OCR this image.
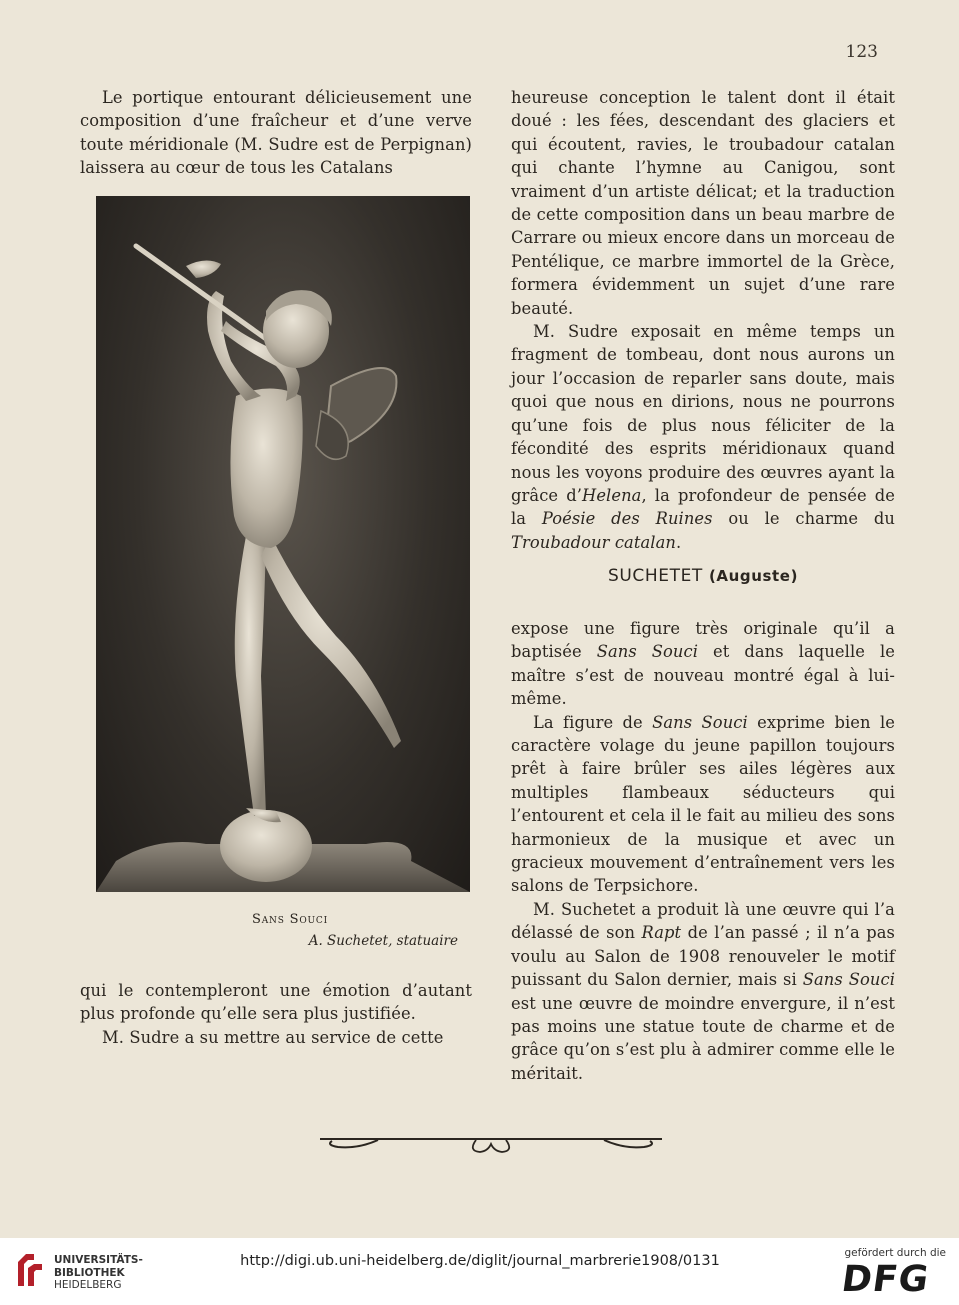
123

Le portique entourant délicieusement une composition d’une fraîcheur et d’une verve toute méridionale (M. Sudre est de Perpignan) laissera au cœur de tous les Catalans

Sans Souci
A. Suchetet, statuaire

qui le contempleront une émotion d’autant plus profonde qu’elle sera plus justifiée.

M. Sudre a su mettre au service de cette

heureuse conception le talent dont il était doué : les fées, descendant des glaciers et qui écoutent, ravies, le troubadour catalan qui chante l’hymne au Canigou, sont vraiment d’un artiste délicat; et la traduction de cette composition dans un beau marbre de Carrare ou mieux encore dans un morceau de Pentélique, ce marbre immortel de la Grèce, formera évidemment un sujet d’une rare beauté.

M. Sudre exposait en même temps un fragment de tombeau, dont nous aurons un jour l’occasion de reparler sans doute, mais quoi que nous en dirions, nous ne pourrons qu’une fois de plus nous féliciter de la fécondité des esprits méridionaux quand nous les voyons produire des œuvres ayant la grâce d’Helena, la profondeur de pensée de la Poésie des Ruines ou le charme du Troubadour catalan.

SUCHETET (Auguste)

expose une figure très originale qu’il a baptisée Sans Souci et dans laquelle le maître s’est de nouveau montré égal à lui-même.

La figure de Sans Souci exprime bien le caractère volage du jeune papillon toujours prêt à faire brûler ses ailes légères aux multiples flambeaux séducteurs qui l’entourent et cela il le fait au milieu des sons harmonieux de la musique et avec un gracieux mouvement d’entraînement vers les salons de Terpsichore.

M. Suchetet a produit là une œuvre qui l’a délassé de son Rapt de l’an passé ; il n’a pas voulu au Salon de 1908 renouveler le motif puissant du Salon dernier, mais si Sans Souci est une œuvre de moindre envergure, il n’est pas moins une statue toute de charme et de grâce qu’on s’est plu à admirer comme elle le méritait.

UNIVERSITÄTS-
BIBLIOTHEK
HEIDELBERG
http://digi.ub.uni-heidelberg.de/diglit/journal_marbrerie1908/0131	gefördert durch die
DFG
